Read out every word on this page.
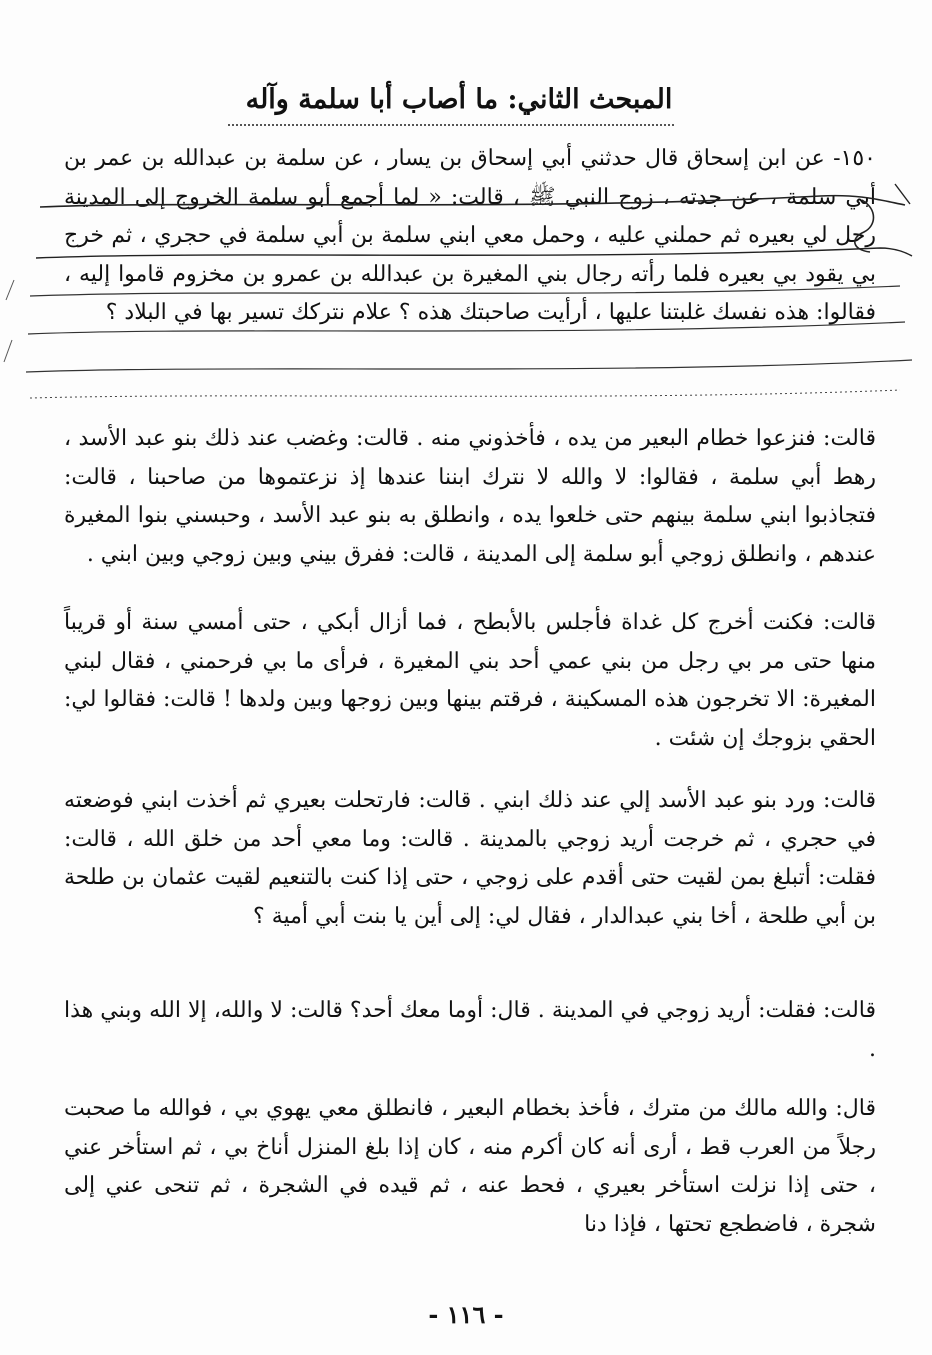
المبحث الثاني: ما أصاب أبا سلمة وآله

١٥٠- عن ابن إسحاق قال حدثني أبي إسحاق بن يسار ، عن سلمة بن عبدالله بن عمر بن أبي سلمة ، عن جدته ، زوج النبي ﷺ ، قالت: « لما أجمع أبو سلمة الخروج إلى المدينة رحل لي بعيره ثم حملني عليه ، وحمل معي ابني سلمة بن أبي سلمة في حجري ، ثم خرج بي يقود بي بعيره فلما رأته رجال بني المغيرة بن عبدالله بن عمرو بن مخزوم قاموا إليه ، فقالوا: هذه نفسك غلبتنا عليها ، أرأيت صاحبتك هذه ؟ علام نتركك تسير بها في البلاد ؟

قالت: فنزعوا خطام البعير من يده ، فأخذوني منه . قالت: وغضب عند ذلك بنو عبد الأسد ، رهط أبي سلمة ، فقالوا: لا والله لا نترك ابننا عندها إذ نزعتموها من صاحبنا ، قالت: فتجاذبوا ابني سلمة بينهم حتى خلعوا يده ، وانطلق به بنو عبد الأسد ، وحبسني بنوا المغيرة عندهم ، وانطلق زوجي أبو سلمة إلى المدينة ، قالت: ففرق بيني وبين زوجي وبين ابني .

قالت: فكنت أخرج كل غداة فأجلس بالأبطح ، فما أزال أبكي ، حتى أمسي سنة أو قريباً منها حتى مر بي رجل من بني عمي أحد بني المغيرة ، فرأى ما بي فرحمني ، فقال لبني المغيرة: الا تخرجون هذه المسكينة ، فرقتم بينها وبين زوجها وبين ولدها ! قالت: فقالوا لي: الحقي بزوجك إن شئت .

قالت: ورد بنو عبد الأسد إلي عند ذلك ابني . قالت: فارتحلت بعيري ثم أخذت ابني فوضعته في حجري ، ثم خرجت أريد زوجي بالمدينة . قالت: وما معي أحد من خلق الله ، قالت: فقلت: أتبلغ بمن لقيت حتى أقدم على زوجي ، حتى إذا كنت بالتنعيم لقيت عثمان بن طلحة بن أبي طلحة ، أخا بني عبدالدار ، فقال لي: إلى أين يا بنت أبي أمية ؟

قالت: فقلت: أريد زوجي في المدينة . قال: أوما معك أحد؟ قالت: لا والله، إلا الله وبني هذا .

قال: والله مالك من مترك ، فأخذ بخطام البعير ، فانطلق معي يهوي بي ، فوالله ما صحبت رجلاً من العرب قط ، أرى أنه كان أكرم منه ، كان إذا بلغ المنزل أناخ بي ، ثم استأخر عني ، حتى إذا نزلت استأخر بعيري ، فحط عنه ، ثم قيده في الشجرة ، ثم تنحى عني إلى شجرة ، فاضطجع تحتها ، فإذا دنا

- ١١٦ -
